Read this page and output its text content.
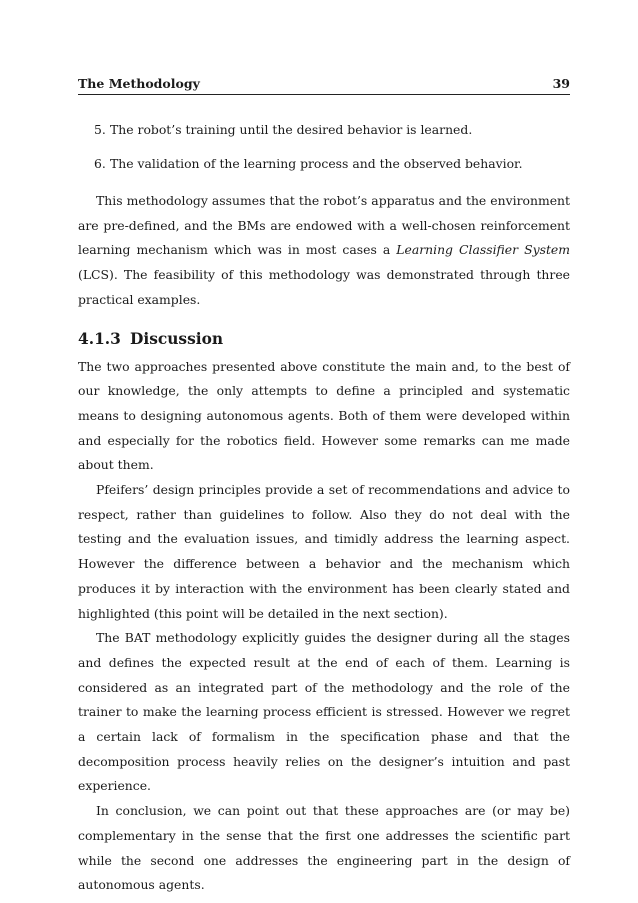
The Methodology	39
5. The robot’s training until the desired behavior is learned.
6. The validation of the learning process and the observed behavior.

This methodology assumes that the robot’s apparatus and the environment are pre-defined, and the BMs are endowed with a well-chosen reinforcement learning mechanism which was in most cases a Learning Classifier System (LCS). The feasibility of this methodology was demonstrated through three practical examples.

4.1.3 Discussion

The two approaches presented above constitute the main and, to the best of our knowledge, the only attempts to define a principled and systematic means to designing autonomous agents. Both of them were developed within and especially for the robotics field. However some remarks can me made about them.

Pfeifers’ design principles provide a set of recommendations and advice to respect, rather than guidelines to follow. Also they do not deal with the testing and the evaluation issues, and timidly address the learning aspect. However the difference between a behavior and the mechanism which produces it by interaction with the environment has been clearly stated and highlighted (this point will be detailed in the next section).

The BAT methodology explicitly guides the designer during all the stages and defines the expected result at the end of each of them. Learning is considered as an integrated part of the methodology and the role of the trainer to make the learning process efficient is stressed. However we regret a certain lack of formalism in the specification phase and that the decomposition process heavily relies on the designer’s intuition and past experience.

In conclusion, we can point out that these approaches are (or may be) complementary in the sense that the first one addresses the scientific part while the second one addresses the engineering part in the design of autonomous agents.
